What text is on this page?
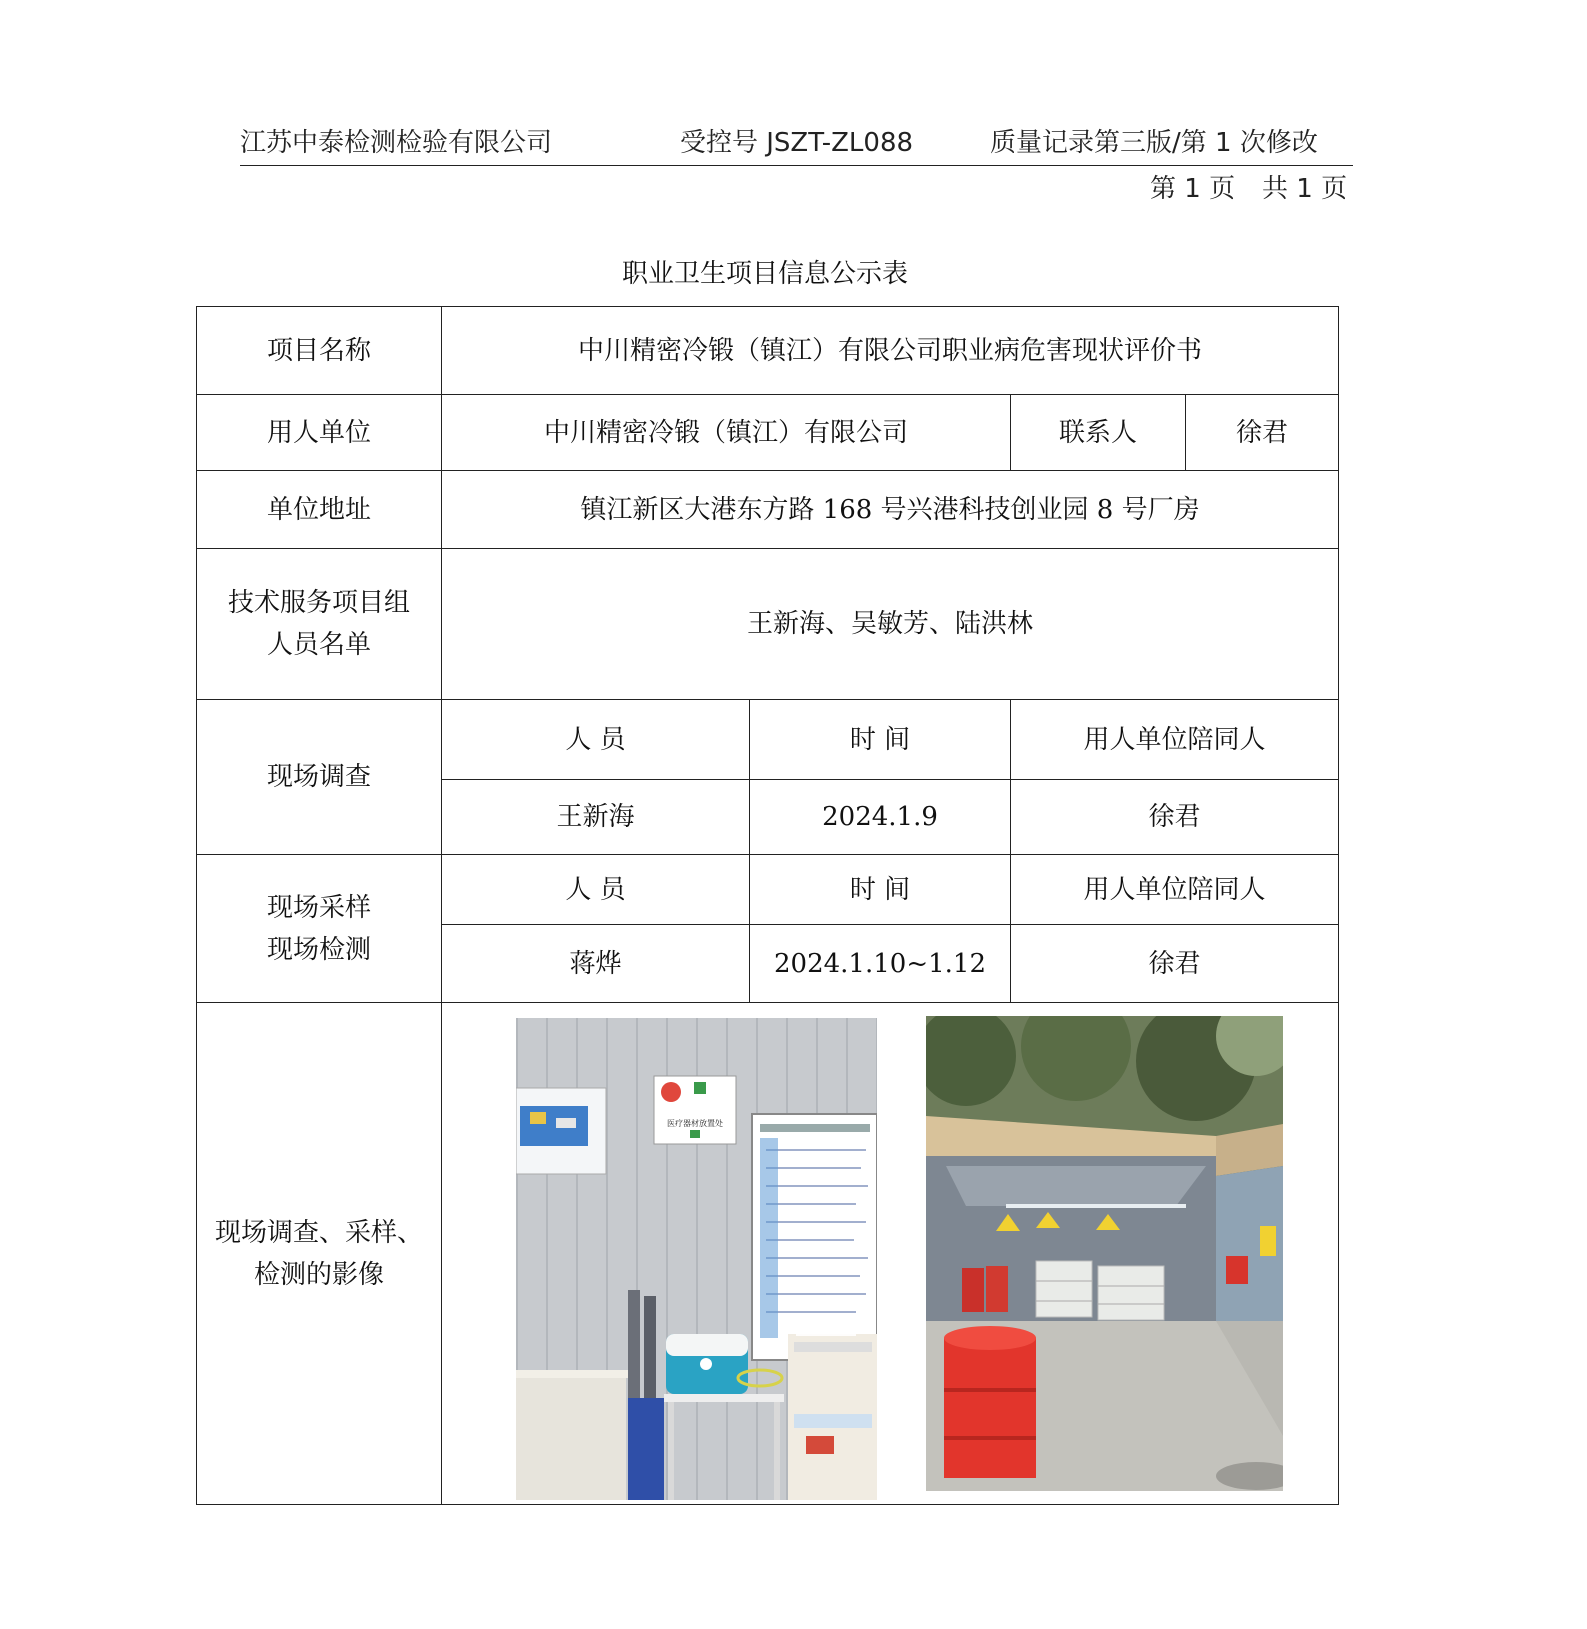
江苏中泰检测检验有限公司	受控号 JSZT-ZL088	质量记录第三版/第 1 次修改
第 1 页 共 1 页
职业卫生项目信息公示表
项目名称	中川精密冷锻（镇江）有限公司职业病危害现状评价书			
用人单位	中川精密冷锻（镇江）有限公司		联系人	徐君
单位地址	镇江新区大港东方路 168 号兴港科技创业园 8 号厂房			

技术服务项目组
人员名单	王新海、吴敏芳、陆洪林			
现场调查	人 员	时 间	用人单位陪同人	
	王新海	2024.1.9	徐君	

现场采样
现场检测	人 员	时 间	用人单位陪同人	
	蒋烨	2024.1.10~1.12	徐君	

现场调查、采样、
检测的影像				

医疗器材放置处
